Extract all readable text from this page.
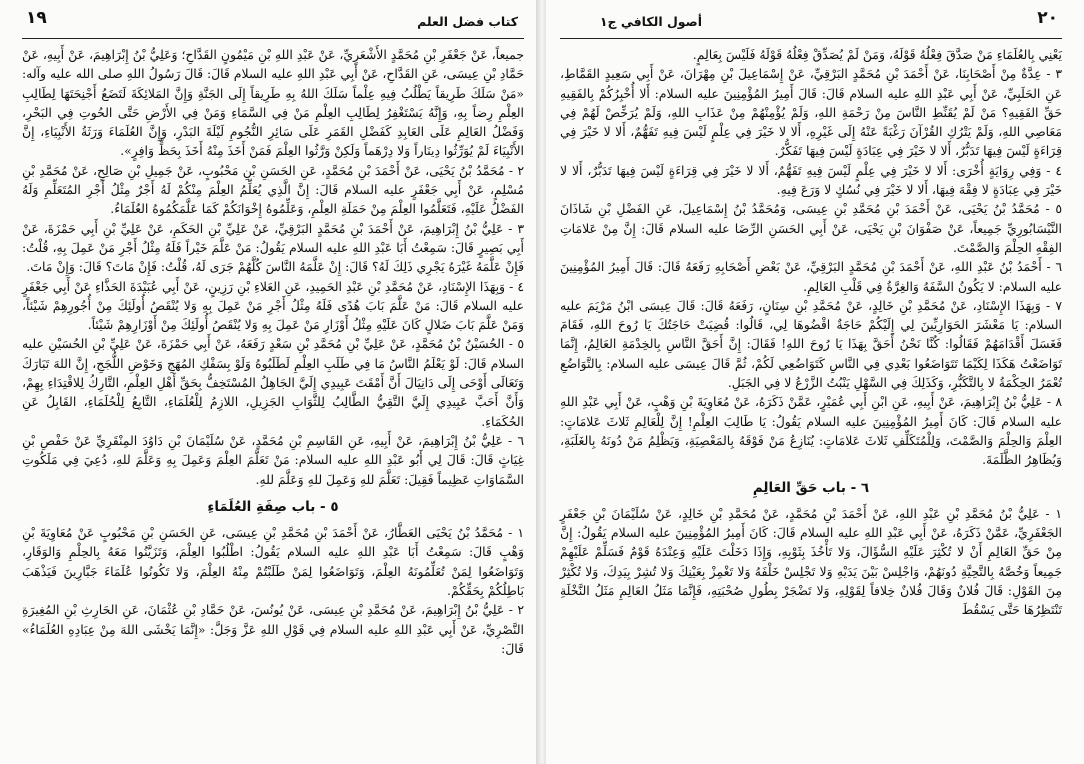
كتاب فضل العلم
١٩

جميعاً، عَنْ جَعْفَرِ بْنِ مُحَمَّدٍ الأَشْعَرِيِّ، عَنْ عَبْدِ اللهِ بْنِ مَيْمُونٍ القَدَّاحِ؛ وَعَلِيُّ بْنُ إِبْرَاهِيمَ، عَنْ أَبِيهِ، عَنْ حَمَّادِ بْنِ عِيسَى، عَنِ القَدَّاحِ، عَنْ أَبِي عَبْدِ اللهِ عليه السلام قَالَ: قَالَ رَسُولُ اللهِ صلى الله عليه وآله: «مَنْ سَلَكَ طَرِيقاً يَطْلُبُ فِيهِ عِلْماً سَلَكَ اللهُ بِهِ طَرِيقاً إِلَى الجَنَّةِ وَإِنَّ المَلائِكَةَ لَتَضَعُ أَجْنِحَتَهَا لِطَالِبِ العِلْمِ رِضاً بِهِ، وَإِنَّهُ يَسْتَغْفِرُ لِطَالِبِ العِلْمِ مَنْ فِي السَّمَاءِ وَمَنْ فِي الأَرْضِ حَتَّى الحُوتِ فِي البَحْرِ، وَفَضْلُ العَالِمِ عَلَى العَابِدِ كَفَضْلِ القَمَرِ عَلَى سَائِرِ النُّجُومِ لَيْلَةَ البَدْرِ، وَإِنَّ العُلَمَاءَ وَرَثَةُ الأَنْبِيَاءِ، إِنَّ الأَنْبِيَاءَ لَمْ يُوَرِّثُوا دِينَاراً وَلا دِرْهَماً وَلَكِنْ وَرَّثُوا العِلْمَ فَمَنْ أَخَذَ مِنْهُ أَخَذَ بِحَظٍّ وَافِرٍ».

٢ - مُحَمَّدُ بْنُ يَحْيَى، عَنْ أَحْمَدَ بْنِ مُحَمَّدٍ، عَنِ الحَسَنِ بْنِ مَحْبُوبٍ، عَنْ جَمِيلِ بْنِ صَالِحٍ، عَنْ مُحَمَّدِ بْنِ مُسْلِمٍ، عَنْ أَبِي جَعْفَرٍ عليه السلام قَالَ: إِنَّ الَّذِي يُعَلِّمُ العِلْمَ مِنْكُمْ لَهُ أَجْرٌ مِثْلُ أَجْرِ المُتَعَلِّمِ وَلَهُ الفَضْلُ عَلَيْهِ، فَتَعَلَّمُوا العِلْمَ مِنْ حَمَلَةِ العِلْمِ، وَعَلِّمُوهُ إِخْوَانَكُمْ كَمَا عَلَّمَكُمُوهُ العُلَمَاءُ.

٣ - عَلِيُّ بْنُ إِبْرَاهِيمَ، عَنْ أَحْمَدَ بْنِ مُحَمَّدٍ البَرْقِيِّ، عَنْ عَلِيِّ بْنِ الحَكَمِ، عَنْ عَلِيِّ بْنِ أَبِي حَمْزَةَ، عَنْ أَبِي بَصِيرٍ قَالَ: سَمِعْتُ أَبَا عَبْدِ اللهِ عليه السلام يَقُولُ: مَنْ عَلَّمَ خَيْراً فَلَهُ مِثْلُ أَجْرِ مَنْ عَمِلَ بِهِ، قُلْتُ: فَإِنْ عَلَّمَهُ غَيْرَهُ يَجْرِي ذَلِكَ لَهُ؟ قَالَ: إِنْ عَلَّمَهُ النَّاسَ كُلَّهُمْ جَرَى لَهُ، قُلْتُ: فَإِنْ مَاتَ؟ قَالَ: وَإِنْ مَاتَ.

٤ - وَبِهَذَا الإِسْنَادِ، عَنْ مُحَمَّدِ بْنِ عَبْدِ الحَمِيدِ، عَنِ العَلاءِ بْنِ رَزِينٍ، عَنْ أَبِي عُبَيْدَةَ الحَذَّاءِ عَنْ أَبِي جَعْفَرٍ عليه السلام قَالَ: مَنْ عَلَّمَ بَابَ هُدًى فَلَهُ مِثْلُ أَجْرِ مَنْ عَمِلَ بِهِ وَلا يُنْقَصُ أُولَئِكَ مِنْ أُجُورِهِمْ شَيْئاً، وَمَنْ عَلَّمَ بَابَ ضَلالٍ كَانَ عَلَيْهِ مِثْلُ أَوْزَارِ مَنْ عَمِلَ بِهِ وَلا يُنْقَصُ أُولَئِكَ مِنْ أَوْزَارِهِمْ شَيْئاً.

٥ - الحُسَيْنُ بْنُ مُحَمَّدٍ، عَنْ عَلِيِّ بْنِ مُحَمَّدِ بْنِ سَعْدٍ رَفَعَهُ، عَنْ أَبِي حَمْزَةَ، عَنْ عَلِيِّ بْنِ الحُسَيْنِ عليه السلام قَالَ: لَوْ يَعْلَمُ النَّاسُ مَا فِي طَلَبِ العِلْمِ لَطَلَبُوهُ وَلَوْ بِسَفْكِ المُهَجِ وَخَوْضِ اللُّجَجِ، إِنَّ اللهَ تَبَارَكَ وَتَعَالَى أَوْحَى إِلَى دَانِيَالَ أَنَّ أَمْقَتَ عَبِيدِي إِلَيَّ الجَاهِلُ المُسْتَخِفُّ بِحَقِّ أَهْلِ العِلْمِ، التَّارِكُ لِلاقْتِدَاءِ بِهِمْ، وَأَنَّ أَحَبَّ عَبِيدِي إِلَيَّ التَّقِيُّ الطَّالِبُ لِلثَّوَابِ الجَزِيلِ، اللازِمُ لِلْعُلَمَاءِ، التَّابِعُ لِلْحُلَمَاءِ، القَابِلُ عَنِ الحُكَمَاءِ.

٦ - عَلِيُّ بْنُ إِبْرَاهِيمَ، عَنْ أَبِيهِ، عَنِ القَاسِمِ بْنِ مُحَمَّدٍ، عَنْ سُلَيْمَانَ بْنِ دَاوُدَ المِنْقَرِيِّ عَنْ حَفْصِ بْنِ غِيَاثٍ قَالَ: قَالَ لِي أَبُو عَبْدِ اللهِ عليه السلام: مَنْ تَعَلَّمَ العِلْمَ وَعَمِلَ بِهِ وَعَلَّمَ للهِ، دُعِيَ فِي مَلَكُوتِ السَّمَاوَاتِ عَظِيماً فَقِيلَ: تَعَلَّمَ للهِ وَعَمِلَ للهِ وَعَلَّمَ للهِ.

٥ - باب صِفَةِ العُلَمَاءِ

١ - مُحَمَّدُ بْنُ يَحْيَى العَطَّارُ، عَنْ أَحْمَدَ بْنِ مُحَمَّدِ بْنِ عِيسَى، عَنِ الحَسَنِ بْنِ مَحْبُوبٍ عَنْ مُعَاوِيَةَ بْنِ وَهْبٍ قَالَ: سَمِعْتُ أَبَا عَبْدِ اللهِ عليه السلام يَقُولُ: اطْلُبُوا العِلْمَ، وَتَزَيَّنُوا مَعَهُ بِالحِلْمِ وَالوَقَارِ، وَتَوَاضَعُوا لِمَنْ تُعَلِّمُونَهُ العِلْمَ، وَتَوَاضَعُوا لِمَنْ طَلَبْتُمْ مِنْهُ العِلْمَ، وَلا تَكُونُوا عُلَمَاءَ جَبَّارِينَ فَيَذْهَبَ بَاطِلُكُمْ بِحَقِّكُمْ.

٢ - عَلِيُّ بْنُ إِبْرَاهِيمَ، عَنْ مُحَمَّدِ بْنِ عِيسَى، عَنْ يُونُسَ، عَنْ حَمَّادِ بْنِ عُثْمَانَ، عَنِ الحَارِثِ بْنِ المُغِيرَةِ النَّصْرِيِّ، عَنْ أَبِي عَبْدِ اللهِ عليه السلام فِي قَوْلِ اللهِ عَزَّ وَجَلَّ: «إِنَّمَا يَخْشَى اللهَ مِنْ عِبَادِهِ العُلَمَاءُ» قَالَ:

٢٠
أصول الكافي ج١

يَعْنِي بِالعُلَمَاءِ مَنْ صَدَّقَ فِعْلُهُ قَوْلَهُ، وَمَنْ لَمْ يُصَدِّقْ فِعْلُهُ قَوْلَهُ فَلَيْسَ بِعَالِمٍ.

٣ - عِدَّةٌ مِنْ أَصْحَابِنَا، عَنْ أَحْمَدَ بْنِ مُحَمَّدٍ البَرْقِيِّ، عَنْ إِسْمَاعِيلَ بْنِ مِهْرَانَ، عَنْ أَبِي سَعِيدٍ القَمَّاطِ، عَنِ الحَلَبِيِّ، عَنْ أَبِي عَبْدِ اللهِ عليه السلام قَالَ: قَالَ أَمِيرُ المُؤْمِنِينَ عليه السلام: أَلا أُخْبِرُكُمْ بِالفَقِيهِ حَقِّ الفَقِيهِ؟ مَنْ لَمْ يُقَنِّطِ النَّاسَ مِنْ رَحْمَةِ اللهِ، وَلَمْ يُؤْمِنْهُمْ مِنْ عَذَابِ اللهِ، وَلَمْ يُرَخِّصْ لَهُمْ فِي مَعَاصِي اللهِ، وَلَمْ يَتْرُكِ القُرْآنَ رَغْبَةً عَنْهُ إِلَى غَيْرِهِ، أَلا لا خَيْرَ فِي عِلْمٍ لَيْسَ فِيهِ تَفَهُّمٌ، أَلا لا خَيْرَ فِي قِرَاءَةٍ لَيْسَ فِيهَا تَدَبُّرٌ، أَلا لا خَيْرَ فِي عِبَادَةٍ لَيْسَ فِيهَا تَفَكُّرٌ.

٤ - وَفِي رِوَايَةٍ أُخْرَى: أَلا لا خَيْرَ فِي عِلْمٍ لَيْسَ فِيهِ تَفَهُّمٌ، أَلا لا خَيْرَ فِي قِرَاءَةٍ لَيْسَ فِيهَا تَدَبُّرٌ، أَلا لا خَيْرَ فِي عِبَادَةٍ لا فِقْهَ فِيهَا، أَلا لا خَيْرَ فِي نُسُكٍ لا وَرَعَ فِيهِ.

٥ - مُحَمَّدُ بْنُ يَحْيَى، عَنْ أَحْمَدَ بْنِ مُحَمَّدِ بْنِ عِيسَى، وَمُحَمَّدُ بْنُ إِسْمَاعِيلَ، عَنِ الفَضْلِ بْنِ شَاذَانَ النَّيْسَابُورِيِّ جَمِيعاً، عَنْ صَفْوَانَ بْنِ يَحْيَى، عَنْ أَبِي الحَسَنِ الرِّضَا عليه السلام قَالَ: إِنَّ مِنْ عَلامَاتِ الفِقْهِ الحِلْمَ وَالصَّمْتَ.

٦ - أَحْمَدُ بْنُ عَبْدِ اللهِ، عَنْ أَحْمَدَ بْنِ مُحَمَّدٍ البَرْقِيِّ، عَنْ بَعْضِ أَصْحَابِهِ رَفَعَهُ قَالَ: قَالَ أَمِيرُ المُؤْمِنِينَ عليه السلام: لا يَكُونُ السَّفَهُ وَالغِرَّةُ فِي قَلْبِ العَالِمِ.

٧ - وَبِهَذَا الإِسْنَادِ، عَنْ مُحَمَّدِ بْنِ خَالِدٍ، عَنْ مُحَمَّدِ بْنِ سِنَانٍ، رَفَعَهُ قَالَ: قَالَ عِيسَى ابْنُ مَرْيَمَ عليه السلام: يَا مَعْشَرَ الحَوَارِيِّينَ لِي إِلَيْكُمْ حَاجَةٌ اقْضُوهَا لِي، قَالُوا: قُضِيَتْ حَاجَتُكَ يَا رُوحَ اللهِ، فَقَامَ فَغَسَلَ أَقْدَامَهُمْ فَقَالُوا: كُنَّا نَحْنُ أَحَقَّ بِهَذَا يَا رُوحَ اللهِ! فَقَالَ: إِنَّ أَحَقَّ النَّاسِ بِالخِدْمَةِ العَالِمُ، إِنَّمَا تَوَاضَعْتُ هَكَذَا لِكَيْمَا تَتَوَاضَعُوا بَعْدِي فِي النَّاسِ كَتَوَاضُعِي لَكُمْ، ثُمَّ قَالَ عِيسَى عليه السلام: بِالتَّوَاضُعِ تُعْمَرُ الحِكْمَةُ لا بِالتَّكَبُّرِ، وَكَذَلِكَ فِي السَّهْلِ يَنْبُتُ الزَّرْعُ لا فِي الجَبَلِ.

٨ - عَلِيُّ بْنُ إِبْرَاهِيمَ، عَنْ أَبِيهِ، عَنِ ابْنِ أَبِي عُمَيْرٍ، عَمَّنْ ذَكَرَهُ، عَنْ مُعَاوِيَةَ بْنِ وَهْبٍ، عَنْ أَبِي عَبْدِ اللهِ عليه السلام قَالَ: كَانَ أَمِيرُ المُؤْمِنِينَ عليه السلام يَقُولُ: يَا طَالِبَ العِلْمِ! إِنَّ لِلْعَالِمِ ثَلاثَ عَلامَاتٍ: العِلْمَ وَالحِلْمَ وَالصَّمْتَ، وَلِلْمُتَكَلِّفِ ثَلاثَ عَلامَاتٍ: يُنَازِعُ مَنْ فَوْقَهُ بِالمَعْصِيَةِ، وَيَظْلِمُ مَنْ دُونَهُ بِالغَلَبَةِ، وَيُظَاهِرُ الظَّلَمَةَ.

٦ - باب حَقِّ العَالِمِ

١ - عَلِيُّ بْنُ مُحَمَّدِ بْنِ عَبْدِ اللهِ، عَنْ أَحْمَدَ بْنِ مُحَمَّدٍ، عَنْ مُحَمَّدِ بْنِ خَالِدٍ، عَنْ سُلَيْمَانَ بْنِ جَعْفَرٍ الجَعْفَرِيِّ، عَمَّنْ ذَكَرَهُ، عَنْ أَبِي عَبْدِ اللهِ عليه السلام قَالَ: كَانَ أَمِيرُ المُؤْمِنِينَ عليه السلام يَقُولُ: إِنَّ مِنْ حَقِّ العَالِمِ أَنْ لا تُكْثِرَ عَلَيْهِ السُّؤَالَ، وَلا تَأْخُذَ بِثَوْبِهِ، وَإِذَا دَخَلْتَ عَلَيْهِ وَعِنْدَهُ قَوْمٌ فَسَلِّمْ عَلَيْهِمْ جَمِيعاً وَخُصَّهُ بِالتَّحِيَّةِ دُونَهُمْ، وَاجْلِسْ بَيْنَ يَدَيْهِ وَلا تَجْلِسْ خَلْفَهُ وَلا تَغْمِزْ بِعَيْنِكَ وَلا تُشِرْ بِيَدِكَ، وَلا تُكْثِرْ مِنَ القَوْلِ: قَالَ فُلانٌ وَقَالَ فُلانٌ خِلافاً لِقَوْلِهِ، وَلا تَضْجَرْ بِطُولِ صُحْبَتِهِ، فَإِنَّمَا مَثَلُ العَالِمِ مَثَلُ النَّخْلَةِ تَنْتَظِرُهَا حَتَّى يَسْقُطَ
